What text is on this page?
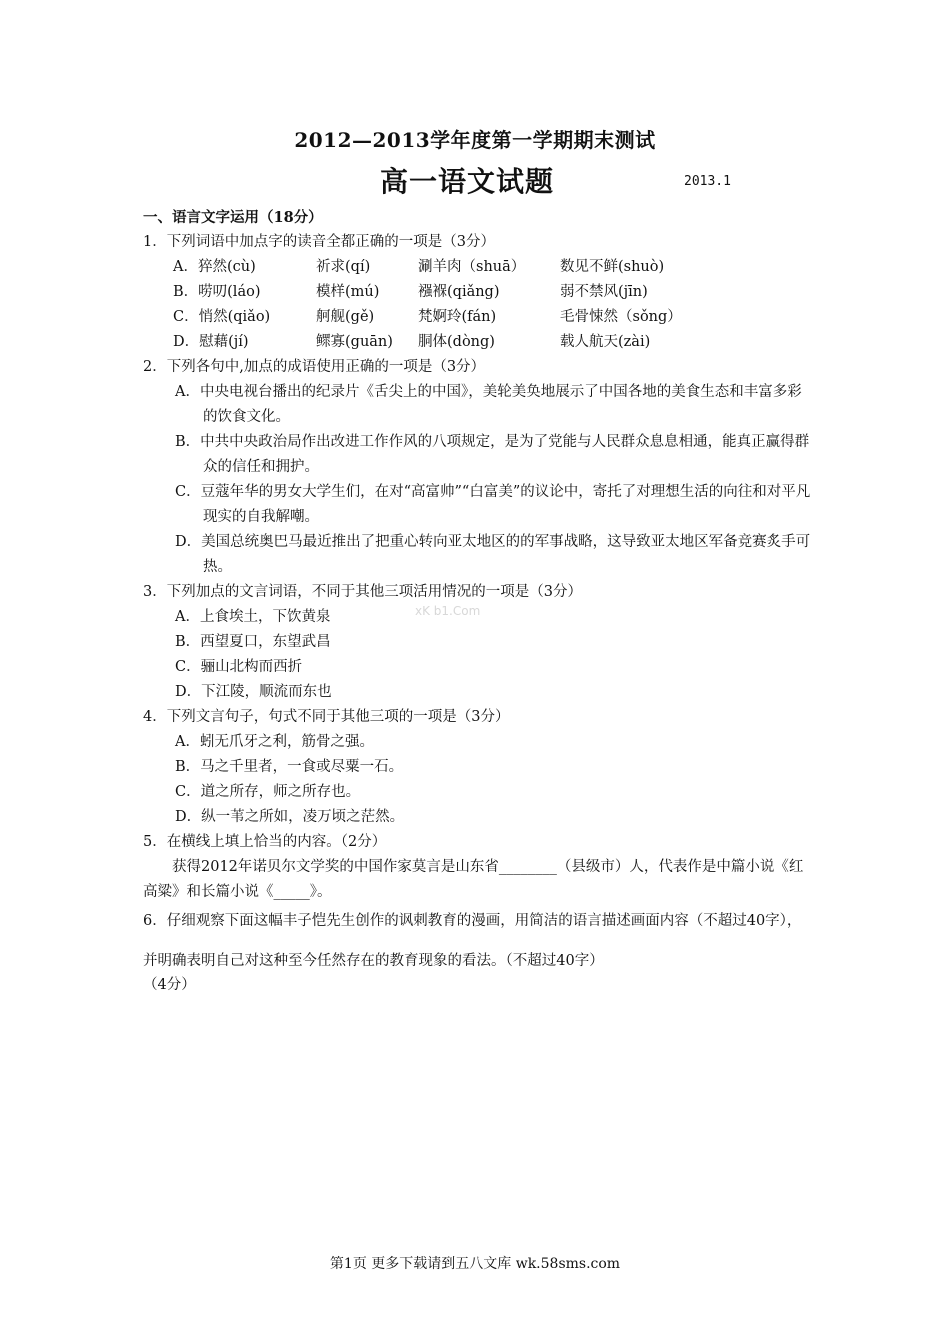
2012—2013学年度第一学期期末测试
高一语文试题	2013.1
一、语言文字运用（18分）
1．下列词语中加点字的读音全都正确的一项是（3分）
A．猝然(cù)	祈求(qí)	涮羊肉（shuā）	数见不鲜(shuò)
B．唠叨(láo)	模样(mú)	襁褓(qiǎng)	弱不禁风(jīn)
C．悄然(qiǎo)	舸舰(gě)	梵婀玲(fán)	毛骨悚然（sǒng）
D．慰藉(jí)	鳏寡(guān)	胴体(dòng)	载人航天(zài)
2．下列各句中,加点的成语使用正确的一项是（3分）
A．中央电视台播出的纪录片《舌尖上的中国》，美轮美奂地展示了中国各地的美食生态和丰富多彩的饮食文化。
B．中共中央政治局作出改进工作作风的八项规定，是为了党能与人民群众息息相通，能真正赢得群众的信任和拥护。
C．豆蔻年华的男女大学生们，在对“高富帅”“白富美”的议论中，寄托了对理想生活的向往和对平凡现实的自我解嘲。
D．美国总统奥巴马最近推出了把重心转向亚太地区的的军事战略，这导致亚太地区军备竞赛炙手可热。
3．下列加点的文言词语，不同于其他三项活用情况的一项是（3分）
A．上食埃土，下饮黄泉
B．西望夏口，东望武昌
C．骊山北构而西折
D．下江陵，顺流而东也
4．下列文言句子，句式不同于其他三项的一项是（3分）
A．蚓无爪牙之利，筋骨之强。
B．马之千里者，一食或尽粟一石。
C．道之所存，师之所存也。
D．纵一苇之所如，凌万顷之茫然。
5．在横线上填上恰当的内容。（2分）
获得2012年诺贝尔文学奖的中国作家莫言是山东省________（县级市）人，代表作是中篇小说《红高粱》和长篇小说《_____》。
6．仔细观察下面这幅丰子恺先生创作的讽刺教育的漫画，用简洁的语言描述画面内容（不超过40字），并明确表明自己对这种至今任然存在的教育现象的看法。（不超过40字）
（4分）
xK b1.Com
第1页 更多下载请到五八文库 wk.58sms.com
